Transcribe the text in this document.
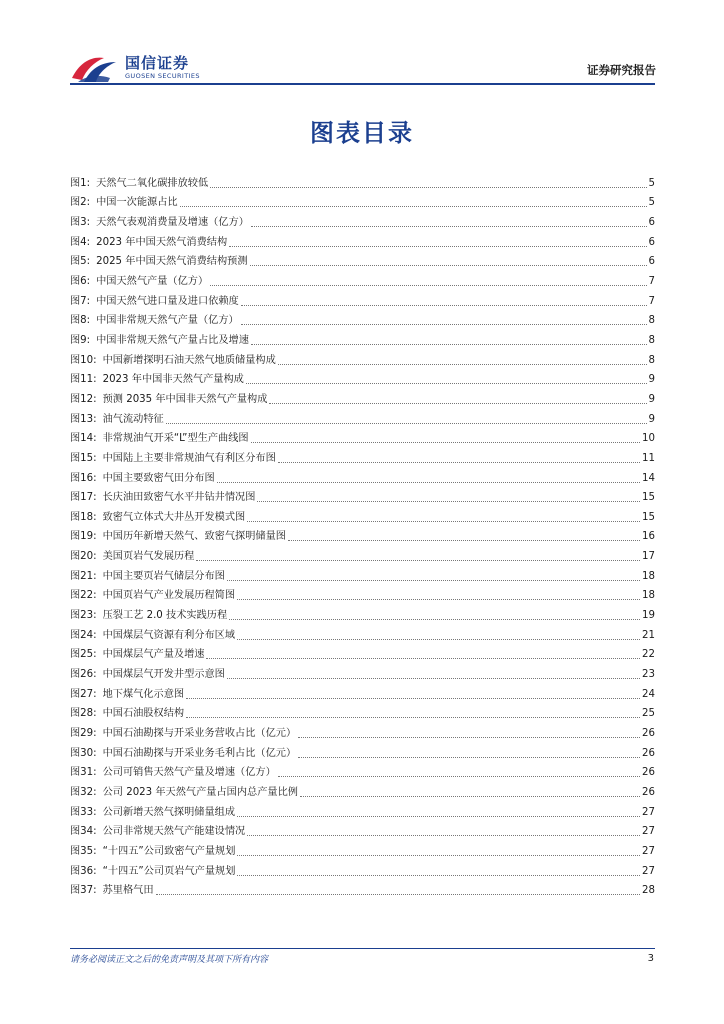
国信证券
GUOSEN SECURITIES	证券研究报告
图表目录
图1: 天然气二氧化碳排放较低	5
图2: 中国一次能源占比	5
图3: 天然气表观消费量及增速（亿方）	6
图4: 2023 年中国天然气消费结构	6
图5: 2025 年中国天然气消费结构预测	6
图6: 中国天然气产量（亿方）	7
图7: 中国天然气进口量及进口依赖度	7
图8: 中国非常规天然气产量（亿方）	8
图9: 中国非常规天然气产量占比及增速	8
图10: 中国新增探明石油天然气地质储量构成	8
图11: 2023 年中国非天然气产量构成	9
图12: 预测 2035 年中国非天然气产量构成	9
图13: 油气流动特征	9
图14: 非常规油气开采“L”型生产曲线图	10
图15: 中国陆上主要非常规油气有利区分布图	11
图16: 中国主要致密气田分布图	14
图17: 长庆油田致密气水平井钻井情况图	15
图18: 致密气立体式大井丛开发模式图	15
图19: 中国历年新增天然气、致密气探明储量图	16
图20: 美国页岩气发展历程	17
图21: 中国主要页岩气储层分布图	18
图22: 中国页岩气产业发展历程简图	18
图23: 压裂工艺 2.0 技术实践历程	19
图24: 中国煤层气资源有利分布区域	21
图25: 中国煤层气产量及增速	22
图26: 中国煤层气开发井型示意图	23
图27: 地下煤气化示意图	24
图28: 中国石油股权结构	25
图29: 中国石油勘探与开采业务营收占比（亿元）	26
图30: 中国石油勘探与开采业务毛利占比（亿元）	26
图31: 公司可销售天然气产量及增速（亿方）	26
图32: 公司 2023 年天然气产量占国内总产量比例	26
图33: 公司新增天然气探明储量组成	27
图34: 公司非常规天然气产能建设情况	27
图35: “十四五”公司致密气产量规划	27
图36: “十四五”公司页岩气产量规划	27
图37: 苏里格气田	28
请务必阅读正文之后的免责声明及其项下所有内容	3
